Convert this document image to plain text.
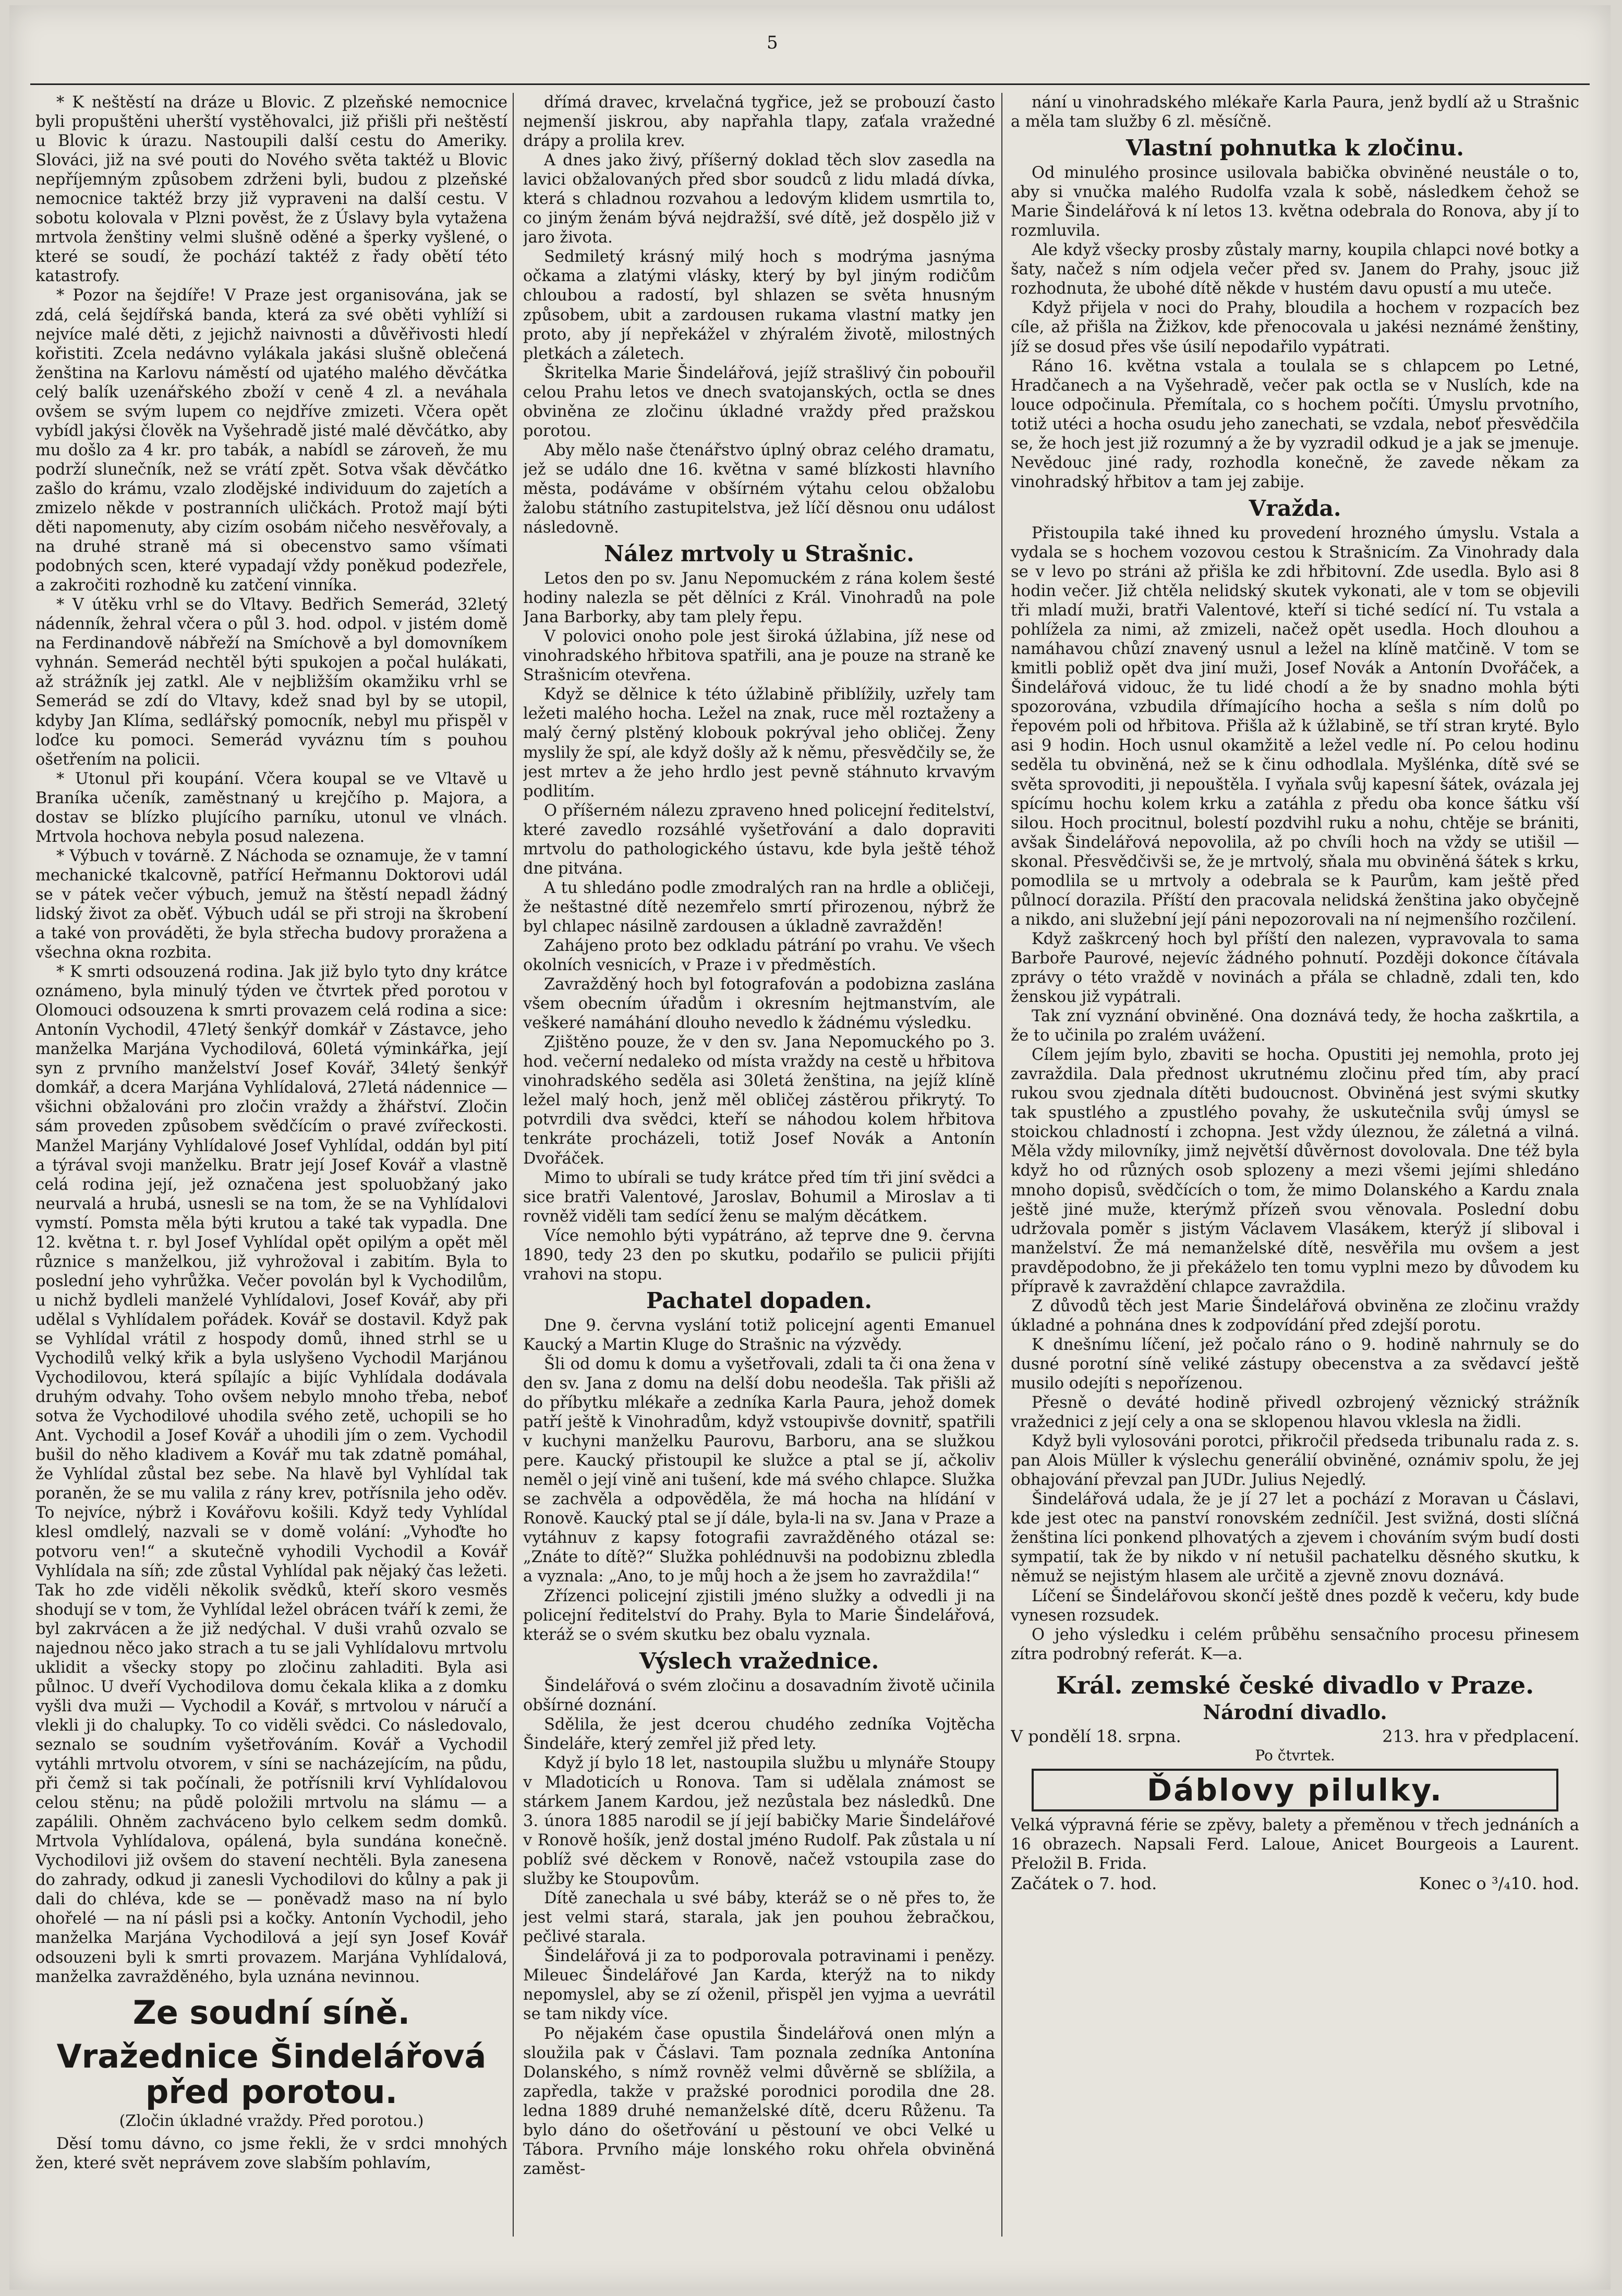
5

* K neštěstí na dráze u Blovic. Z plzeňské nemocnice byli propuštěni uherští vystěhovalci, již přišli při neštěstí u Blovic k úrazu. Nastoupili další cestu do Ameriky. Slováci, již na své pouti do Nového světa taktéž u Blovic nepříjemným způsobem zdrženi byli, budou z plzeňské nemocnice taktéž brzy již vypraveni na další cestu. V sobotu kolovala v Plzni pověst, že z Úslavy byla vytažena mrtvola ženštiny velmi slušně oděné a šperky vyšlené, o které se soudí, že pochází taktéž z řady obětí této katastrofy.

* Pozor na šejdíře! V Praze jest organisována, jak se zdá, celá šejdířská banda, která za své oběti vyhlíží si nejvíce malé děti, z jejichž naivnosti a důvěřivosti hledí kořistiti. Zcela nedávno vylákala jakási slušně oblečená ženština na Karlovu náměstí od ujatého malého děvčátka celý balík uzenářského zboží v ceně 4 zl. a neváhala ovšem se svým lupem co nejdříve zmizeti. Včera opět vybídl jakýsi člověk na Vyšehradě jisté malé děvčátko, aby mu došlo za 4 kr. pro tabák, a nabídl se zároveň, že mu podrží slunečník, než se vrátí zpět. Sotva však děvčátko zašlo do krámu, vzalo zlodějské individuum do zajetích a zmizelo někde v postranních uličkách. Protož mají býti děti napomenuty, aby cizím osobám ničeho nesvěřovaly, a na druhé straně má si obecenstvo samo všímati podobných scen, které vypadají vždy poněkud podezřele, a zakročiti rozhodně ku zatčení vinníka.

* V útěku vrhl se do Vltavy. Bedřich Semerád, 32letý nádenník, žehral včera o půl 3. hod. odpol. v jistém domě na Ferdinandově nábřeží na Smíchově a byl domovníkem vyhnán. Semerád nechtěl býti spukojen a počal hulákati, až strážník jej zatkl. Ale v nejbližším okamžiku vrhl se Semerád se zdí do Vltavy, kdež snad byl by se utopil, kdyby Jan Klíma, sedlářský pomocník, nebyl mu přispěl v loďce ku pomoci. Semerád vyváznu tím s pouhou ošetřením na policii.

* Utonul při koupání. Včera koupal se ve Vltavě u Braníka učeník, zaměstnaný u krejčího p. Majora, a dostav se blízko plujícího parníku, utonul ve vlnách. Mrtvola hochova nebyla posud nalezena.

* Výbuch v továrně. Z Náchoda se oznamuje, že v tamní mechanické tkalcovně, patřící Heřmannu Doktorovi udál se v pátek večer výbuch, jemuž na štěstí nepadl žádný lidský život za oběť. Výbuch udál se při stroji na škrobení a také von prováděti, že byla střecha budovy proražena a všechna okna rozbita.

* K smrti odsouzená rodina. Jak již bylo tyto dny krátce oznámeno, byla minulý týden ve čtvrtek před porotou v Olomouci odsouzena k smrti provazem celá rodina a sice: Antonín Vychodil, 47letý šenkýř domkář v Zástavce, jeho manželka Marjána Vychodilová, 60letá výminkářka, její syn z prvního manželství Josef Kovář, 34letý šenkýř domkář, a dcera Marjána Vyhlídalová, 27letá nádennice — všichni obžalováni pro zločin vraždy a žhářství. Zločin sám proveden způsobem svědčícím o pravé zvířeckosti. Manžel Marjány Vyhlídalové Josef Vyhlídal, oddán byl pití a týrával svoji manželku. Bratr její Josef Kovář a vlastně celá rodina její, jež označena jest spoluobžaný jako neurvalá a hrubá, usnesli se na tom, že se na Vyhlídalovi vymstí. Pomsta měla býti krutou a také tak vypadla. Dne 12. května t. r. byl Josef Vyhlídal opět opilým a opět měl různice s manželkou, již vyhrožoval i zabitím. Byla to poslední jeho vyhrůžka. Večer povolán byl k Vychodilům, u nichž bydleli manželé Vyhlídalovi, Josef Kovář, aby při udělal s Vyhlídalem pořádek. Kovář se dostavil. Když pak se Vyhlídal vrátil z hospody domů, ihned strhl se u Vychodilů velký křik a byla uslyšeno Vychodil Marjánou Vychodilovou, která spílajíc a bijíc Vyhlídala dodávala druhým odvahy. Toho ovšem nebylo mnoho třeba, neboť sotva že Vychodilové uhodila svého zetě, uchopili se ho Ant. Vychodil a Josef Kovář a uhodili jím o zem. Vychodil bušil do něho kladivem a Kovář mu tak zdatně pomáhal, že Vyhlídal zůstal bez sebe. Na hlavě byl Vyhlídal tak poraněn, že se mu valila z rány krev, potřísnila jeho oděv. To nejvíce, nýbrž i Kovářovu košili. Když tedy Vyhlídal klesl omdlelý, nazvali se v domě volání: „Vyhoďte ho potvoru ven!“ a skutečně vyhodili Vychodil a Kovář Vyhlídala na síň; zde zůstal Vyhlídal pak nějaký čas ležeti. Tak ho zde viděli několik svědků, kteří skoro vesměs shodují se v tom, že Vyhlídal ležel obrácen tváří k zemi, že byl zakrvácen a že již nedýchal. V duši vrahů ozvalo se najednou něco jako strach a tu se jali Vyhlídalovu mrtvolu uklidit a všecky stopy po zločinu zahladiti. Byla asi půlnoc. U dveří Vychodilova domu čekala klika a z domku vyšli dva muži — Vychodil a Kovář, s mrtvolou v náručí a vlekli ji do chalupky. To co viděli svědci. Co následovalo, seznalo se soudním vyšetřováním. Kovář a Vychodil vytáhli mrtvolu otvorem, v síni se nacházejícím, na půdu, při čemž si tak počínali, že potřísnili krví Vyhlídalovou celou stěnu; na půdě položili mrtvolu na slámu — a zapálili. Ohněm zachváceno bylo celkem sedm domků. Mrtvola Vyhlídalova, opálená, byla sundána konečně. Vychodilovi již ovšem do stavení nechtěli. Byla zanesena do zahrady, odkud ji zanesli Vychodilovi do kůlny a pak ji dali do chléva, kde se — poněvadž maso na ní bylo ohořelé — na ní pásli psi a kočky. Antonín Vychodil, jeho manželka Marjána Vychodilová a její syn Josef Kovář odsouzeni byli k smrti provazem. Marjána Vyhlídalová, manželka zavražděného, byla uznána nevinnou.

Ze soudní síně.
Vražednice Šindelářová před porotou.
(Zločin úkladné vraždy. Před porotou.)

Děsí tomu dávno, co jsme řekli, že v srdci mnohých žen, které svět neprávem zove slabším pohlavím,

dřímá dravec, krvelačná tygřice, jež se probouzí často nejmenší jiskrou, aby napřahla tlapy, zaťala vražedné drápy a prolila krev.

A dnes jako živý, příšerný doklad těch slov zasedla na lavici obžalovaných před sbor soudců z lidu mladá dívka, která s chladnou rozvahou a ledovým klidem usmrtila to, co jiným ženám bývá nejdražší, své dítě, jež dospělo již v jaro života.

Sedmiletý krásný milý hoch s modrýma jasnýma očkama a zlatými vlásky, který by byl jiným rodičům chloubou a radostí, byl shlazen se světa hnusným způsobem, ubit a zardousen rukama vlastní matky jen proto, aby jí nepřekážel v zhýralém životě, milostných pletkách a záletech.

Škritelka Marie Šindelářová, jejíž strašlivý čin pobouřil celou Prahu letos ve dnech svatojanských, octla se dnes obviněna ze zločinu úkladné vraždy před pražskou porotou.

Aby mělo naše čtenářstvo úplný obraz celého dramatu, jež se událo dne 16. května v samé blízkosti hlavního města, podáváme v obšírném výtahu celou obžalobu žalobu státního zastupitelstva, jež líčí děsnou onu událost následovně.

Nález mrtvoly u Strašnic.

Letos den po sv. Janu Nepomuckém z rána kolem šesté hodiny nalezla se pět dělníci z Král. Vinohradů na pole Jana Barborky, aby tam plely řepu.

V polovici onoho pole jest široká úžlabina, jíž nese od vinohradského hřbitova spatřili, ana je pouze na straně ke Strašnicím otevřena.

Když se dělnice k této úžlabině přiblížily, uzřely tam ležeti malého hocha. Ležel na znak, ruce měl roztaženy a malý černý plstěný klobouk pokrýval jeho obličej. Ženy myslily že spí, ale když došly až k němu, přesvědčily se, že jest mrtev a že jeho hrdlo jest pevně stáhnuto krvavým podlitím.

O příšerném nálezu zpraveno hned policejní ředitelství, které zavedlo rozsáhlé vyšetřování a dalo dopraviti mrtvolu do pathologického ústavu, kde byla ještě téhož dne pitvána.

A tu shledáno podle zmodralých ran na hrdle a obličeji, že neštastné dítě nezemřelo smrtí přirozenou, nýbrž že byl chlapec násilně zardousen a úkladně zavražděn!

Zahájeno proto bez odkladu pátrání po vrahu. Ve všech okolních vesnicích, v Praze i v předměstích.

Zavražděný hoch byl fotografován a podobizna zaslána všem obecním úřadům i okresním hejtmanstvím, ale veškeré namáhání dlouho nevedlo k žádnému výsledku.

Zjištěno pouze, že v den sv. Jana Nepomuckého po 3. hod. večerní nedaleko od místa vraždy na cestě u hřbitova vinohradského seděla asi 30letá ženština, na jejíž klíně ležel malý hoch, jenž měl obličej zástěrou přikrytý. To potvrdili dva svědci, kteří se náhodou kolem hřbitova tenkráte procházeli, totiž Josef Novák a Antonín Dvořáček.

Mimo to ubírali se tudy krátce před tím tři jiní svědci a sice bratři Valentové, Jaroslav, Bohumil a Miroslav a ti rovněž viděli tam sedící ženu se malým děcátkem.

Více nemohlo býti vypátráno, až teprve dne 9. června 1890, tedy 23 den po skutku, podařilo se pulicii přijíti vrahovi na stopu.

Pachatel dopaden.

Dne 9. června vyslání totiž policejní agenti Emanuel Kaucký a Martin Kluge do Strašnic na výzvědy.

Šli od domu k domu a vyšetřovali, zdali ta či ona žena v den sv. Jana z domu na delší dobu neodešla. Tak přišli až do příbytku mlékaře a zedníka Karla Paura, jehož domek patří ještě k Vinohradům, když vstoupivše dovnitř, spatřili v kuchyni manželku Paurovu, Barboru, ana se služkou pere. Kaucký přistoupil ke služce a ptal se jí, ačkoliv neměl o její vině ani tušení, kde má svého chlapce. Služka se zachvěla a odpověděla, že má hocha na hlídání v Ronově. Kaucký ptal se jí dále, byla-li na sv. Jana v Praze a vytáhnuv z kapsy fotografii zavražděného otázal se: „Znáte to dítě?“ Služka pohlédnuvši na podobiznu zbledla a vyznala: „Ano, to je můj hoch a že jsem ho zavraždila!“

Zřízenci policejní zjistili jméno služky a odvedli ji na policejní ředitelství do Prahy. Byla to Marie Šindelářová, kteráž se o svém skutku bez obalu vyznala.

Výslech vražednice.

Šindelářová o svém zločinu a dosavadním životě učinila obšírné doznání.

Sdělila, že jest dcerou chudého zedníka Vojtěcha Šindeláře, který zemřel již před lety.

Když jí bylo 18 let, nastoupila službu u mlynáře Stoupy v Mladoticích u Ronova. Tam si udělala známost se stárkem Janem Kardou, jež nezůstala bez následků. Dne 3. února 1885 narodil se jí její babičky Marie Šindelářové v Ronově hošík, jenž dostal jméno Rudolf. Pak zůstala u ní poblíž své děckem v Ronově, načež vstoupila zase do služby ke Stoupovům.

Dítě zanechala u své báby, kteráž se o ně přes to, že jest velmi stará, starala, jak jen pouhou žebračkou, pečlivé starala.

Šindelářová ji za to podporovala potravinami i penězy. Mileuec Šindelářové Jan Karda, kterýž na to nikdy nepomyslel, aby se zí oženil, přispěl jen vyjma a uevrátil se tam nikdy více.

Po nějakém čase opustila Šindelářová onen mlýn a sloužila pak v Čáslavi. Tam poznala zedníka Antonína Dolanského, s nímž rovněž velmi důvěrně se sblížila, a zapředla, takže v pražské porodnici porodila dne 28. ledna 1889 druhé nemanželské dítě, dceru Růženu. Ta bylo dáno do ošetřování u pěstouní ve obci Velké u Tábora. Prvního máje lonského roku ohřela obviněná zaměst-

nání u vinohradského mlékaře Karla Paura, jenž bydlí až u Strašnic a měla tam služby 6 zl. měsíčně.

Vlastní pohnutka k zločinu.

Od minulého prosince usilovala babička obviněné neustále o to, aby si vnučka malého Rudolfa vzala k sobě, následkem čehož se Marie Šindelářová k ní letos 13. května odebrala do Ronova, aby jí to rozmluvila.

Ale když všecky prosby zůstaly marny, koupila chlapci nové botky a šaty, načež s ním odjela večer před sv. Janem do Prahy, jsouc již rozhodnuta, že ubohé dítě někde v hustém davu opustí a mu uteče.

Když přijela v noci do Prahy, bloudila a hochem v rozpacích bez cíle, až přišla na Žižkov, kde přenocovala u jakési neznámé ženštiny, jíž se dosud přes vše úsilí nepodařilo vypátrati.

Ráno 16. května vstala a toulala se s chlapcem po Letné, Hradčanech a na Vyšehradě, večer pak octla se v Nuslích, kde na louce odpočinula. Přemítala, co s hochem počíti. Úmyslu prvotního, totiž utéci a hocha osudu jeho zanechati, se vzdala, neboť přesvědčila se, že hoch jest již rozumný a že by vyzradil odkud je a jak se jmenuje. Nevědouc jiné rady, rozhodla konečně, že zavede někam za vinohradský hřbitov a tam jej zabije.

Vražda.

Přistoupila také ihned ku provedení hrozného úmyslu. Vstala a vydala se s hochem vozovou cestou k Strašnicím. Za Vinohrady dala se v levo po stráni až přišla ke zdi hřbitovní. Zde usedla. Bylo asi 8 hodin večer. Již chtěla nelidský skutek vykonati, ale v tom se objevili tři mladí muži, bratři Valentové, kteří si tiché sedící ní. Tu vstala a pohlížela za nimi, až zmizeli, načež opět usedla. Hoch dlouhou a namáhavou chůzí znavený usnul a ležel na klíně matčině. V tom se kmitli pobliž opět dva jiní muži, Josef Novák a Antonín Dvořáček, a Šindelářová vidouc, že tu lidé chodí a že by snadno mohla býti spozorována, vzbudila dřímajícího hocha a sešla s ním dolů po řepovém poli od hřbitova. Přišla až k úžlabině, se tří stran kryté. Bylo asi 9 hodin. Hoch usnul okamžitě a ležel vedle ní. Po celou hodinu seděla tu obviněná, než se k činu odhodlala. Myšlénka, dítě své se světa sprovoditi, ji nepouštěla. I vyňala svůj kapesní šátek, ovázala jej spícímu hochu kolem krku a zatáhla z předu oba konce šátku vší silou. Hoch procitnul, bolestí pozdvihl ruku a nohu, chtěje se brániti, avšak Šindelářová nepovolila, až po chvíli hoch na vždy se utišil — skonal. Přesvědčivši se, že je mrtvolý, sňala mu obviněná šátek s krku, pomodlila se u mrtvoly a odebrala se k Paurům, kam ještě před půlnocí dorazila. Příští den pracovala nelidská ženština jako obyčejně a nikdo, ani služební její páni nepozorovali na ní nejmenšího rozčilení.

Když zaškrcený hoch byl příští den nalezen, vypravovala to sama Barboře Paurové, nejevíc žádného pohnutí. Později dokonce čítávala zprávy o této vraždě v novinách a přála se chladně, zdali ten, kdo ženskou již vypátrali.

Tak zní vyznání obviněné. Ona doznává tedy, že hocha zaškrtila, a že to učinila po zralém uvážení.

Cílem jejím bylo, zbaviti se hocha. Opustiti jej nemohla, proto jej zavraždila. Dala přednost ukrutnému zločinu před tím, aby prací rukou svou zjednala dítěti budoucnost. Obviněná jest svými skutky tak spustlého a zpustlého povahy, že uskutečnila svůj úmysl se stoickou chladností i zchopna. Jest vždy úleznou, že záletná a vilná. Měla vždy milovníky, jimž největší důvěrnost dovolovala. Dne též byla když ho od různých osob splozeny a mezi všemi jejími shledáno mnoho dopisů, svědčících o tom, že mimo Dolanského a Kardu znala ještě jiné muže, kterýmž přízeň svou věnovala. Poslední dobu udržovala poměr s jistým Václavem Vlasákem, kterýž jí sliboval i manželství. Že má nemanželské dítě, nesvěřila mu ovšem a jest pravděpodobno, že ji překáželo ten tomu vyplni mezo by důvodem ku přípravě k zavraždění chlapce zavraždila.

Z důvodů těch jest Marie Šindelářová obviněna ze zločinu vraždy úkladné a pohnána dnes k zodpovídání před zdejší porotu.

K dnešnímu líčení, jež počalo ráno o 9. hodině nahrnuly se do dusné porotní síně veliké zástupy obecenstva a za svědavcí ještě musilo odejíti s nepořízenou.

Přesně o deváté hodině přivedl ozbrojený věznický strážník vražednici z její cely a ona se sklopenou hlavou vklesla na židli.

Když byli vylosováni porotci, přikročil předseda tribunalu rada z. s. pan Alois Müller k výslechu generálií obviněné, oznámiv spolu, že jej obhajování převzal pan JUDr. Julius Nejedlý.

Šindelářová udala, že je jí 27 let a pochází z Moravan u Čáslavi, kde jest otec na panství ronovském zedníčil. Jest svižná, dosti slíčná ženština líci ponkend plhovatých a zjevem i chováním svým budí dosti sympatií, tak že by nikdo v ní netušil pachatelku děsného skutku, k němuž se nejistým hlasem ale určitě a zjevně znovu doznává.

Líčení se Šindelářovou skončí ještě dnes pozdě k večeru, kdy bude vynesen rozsudek.

O jeho výsledku i celém průběhu sensačního procesu přinesem zítra podrobný referát. K—a.

Král. zemské české divadlo v Praze.
Národní divadlo.
V pondělí 18. srpna.	213. hra v předplacení.
Po čtvrtek.
Ďáblovy pilulky.

Velká výpravná férie se zpěvy, balety a přeměnou v třech jednáních a 16 obrazech. Napsali Ferd. Laloue, Anicet Bourgeois a Laurent. Přeložil B. Frida.

Začátek o 7. hod.	Konec o ³/₄10. hod.
